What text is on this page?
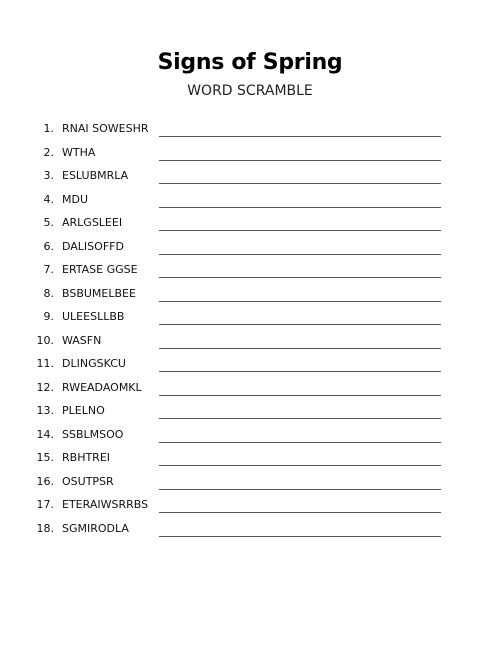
Signs of Spring
WORD SCRAMBLE
1. RNAI SOWESHR
2. WTHA
3. ESLUBMRLA
4. MDU
5. ARLGSLEEI
6. DALISOFFD
7. ERTASE GGSE
8. BSBUMELBEE
9. ULEESLLBB
10. WASFN
11. DLINGSKCU
12. RWEADAOMKL
13. PLELNO
14. SSBLMSOO
15. RBHTREI
16. OSUTPSR
17. ETERAIWSRRBS
18. SGMIRODLA
